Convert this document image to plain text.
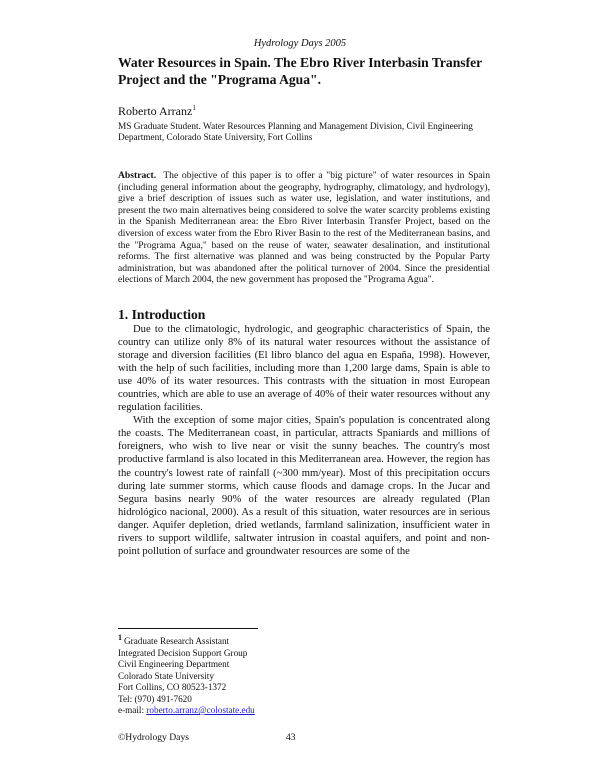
Hydrology Days 2005
Water Resources in Spain. The Ebro River Interbasin Transfer Project and the "Programa Agua".
Roberto Arranz$^1$
MS Graduate Student. Water Resources Planning and Management Division, Civil Engineering Department, Colorado State University, Fort Collins

Abstract. The objective of this paper is to offer a "big picture" of water resources in Spain (including general information about the geography, hydrography, climatology, and hydrology), give a brief description of issues such as water use, legislation, and water institutions, and present the two main alternatives being considered to solve the water scarcity problems existing in the Spanish Mediterranean area: the Ebro River Interbasin Transfer Project, based on the diversion of excess water from the Ebro River Basin to the rest of the Mediterranean basins, and the "Programa Agua," based on the reuse of water, seawater desalination, and institutional reforms. The first alternative was planned and was being constructed by the Popular Party administration, but was abandoned after the political turnover of 2004. Since the presidential elections of March 2004, the new government has proposed the "Programa Agua".

1. Introduction

Due to the climatologic, hydrologic, and geographic characteristics of Spain, the country can utilize only 8% of its natural water resources without the assistance of storage and diversion facilities (El libro blanco del agua en España, 1998). However, with the help of such facilities, including more than 1,200 large dams, Spain is able to use 40% of its water resources. This contrasts with the situation in most European countries, which are able to use an average of 40% of their water resources without any regulation facilities.

With the exception of some major cities, Spain's population is concentrated along the coasts. The Mediterranean coast, in particular, attracts Spaniards and millions of foreigners, who wish to live near or visit the sunny beaches. The country's most productive farmland is also located in this Mediterranean area. However, the region has the country's lowest rate of rainfall (~300 mm/year). Most of this precipitation occurs during late summer storms, which cause floods and damage crops. In the Jucar and Segura basins nearly 90% of the water resources are already regulated (Plan hidrológico nacional, 2000). As a result of this situation, water resources are in serious danger. Aquifer depletion, dried wetlands, farmland salinization, insufficient water in rivers to support wildlife, saltwater intrusion in coastal aquifers, and point and non-point pollution of surface and groundwater resources are some of the

$^1$ Graduate Research Assistant
Integrated Decision Support Group
Civil Engineering Department
Colorado State University
Fort Collins, CO 80523-1372
Tel: (970) 491-7620
e-mail: roberto.arranz@colostate.edu
©Hydrology Days	43
